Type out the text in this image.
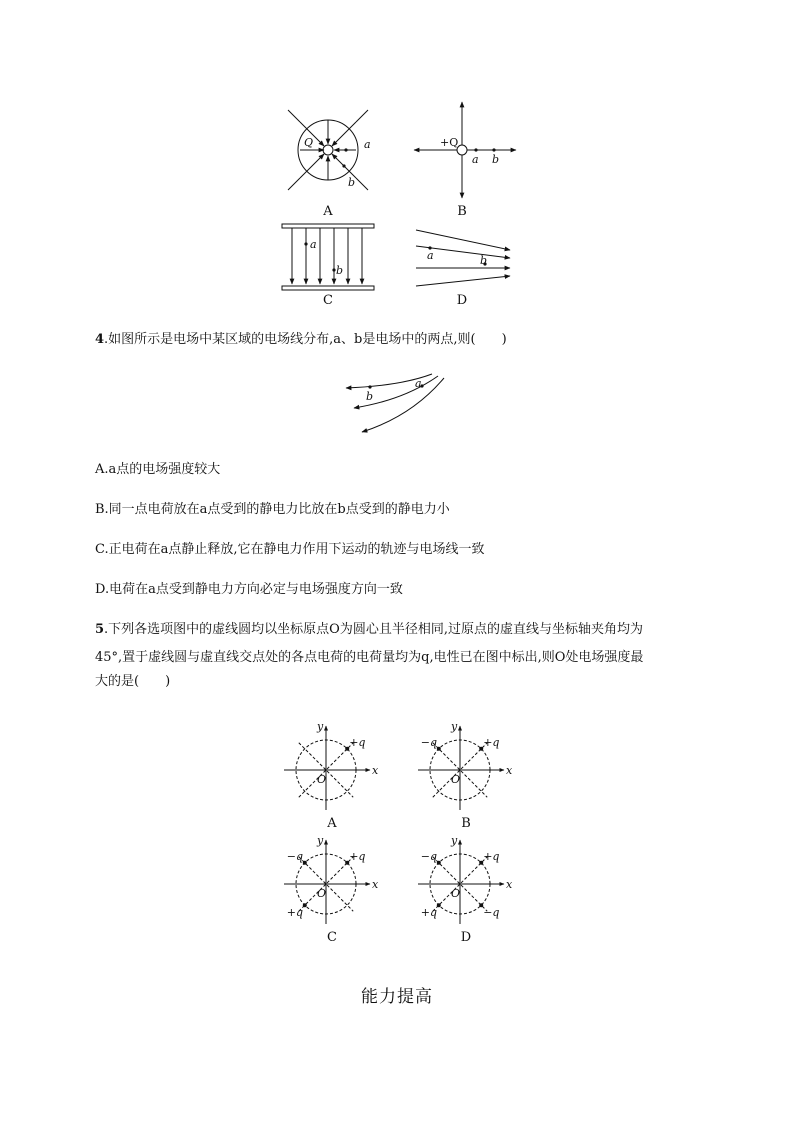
Q	a
b
+Q
a b
a
b
a	b
A	B
C	D
4.如图所示是电场中某区域的电场线分布,a、b是电场中的两点,则(　　)
b
a
A.a点的电场强度较大
B.同一点电荷放在a点受到的静电力比放在b点受到的静电力小
C.正电荷在a点静止释放,它在静电力作用下运动的轨迹与电场线一致
D.电荷在a点受到静电力方向必定与电场强度方向一致
5.下列各选项图中的虚线圆均以坐标原点O为圆心且半径相同,过原点的虚直线与坐标轴夹角均为
45°,置于虚线圆与虚直线交点处的各点电荷的电荷量均为q,电性已在图中标出,则O处电场强度最
大的是(　　)
x
y
O
+q
x
y
O
+q
−q
x
y
O
+q
−q
+q
x
y
O
+q
−q
+q	−q
A	B
C	D
能力提高
